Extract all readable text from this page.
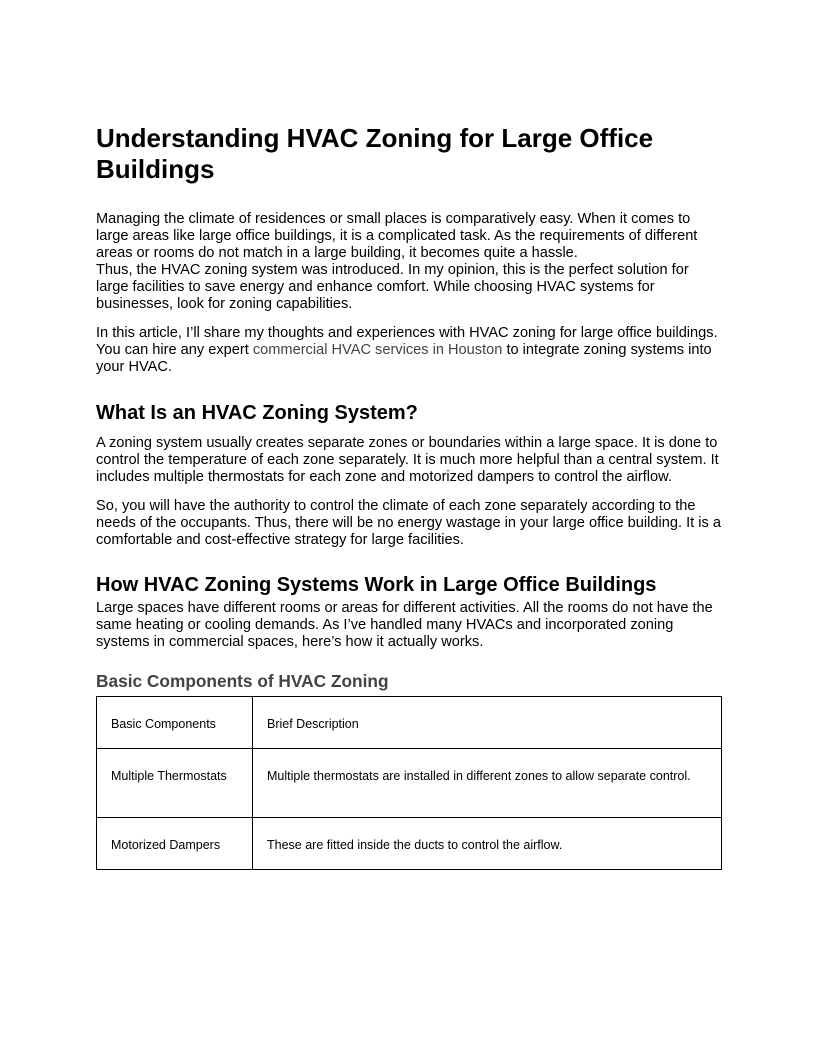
Understanding HVAC Zoning for Large Office Buildings

Managing the climate of residences or small places is comparatively easy. When it comes to large areas like large office buildings, it is a complicated task. As the requirements of different areas or rooms do not match in a large building, it becomes quite a hassle.

Thus, the HVAC zoning system was introduced. In my opinion, this is the perfect solution for large facilities to save energy and enhance comfort. While choosing HVAC systems for businesses, look for zoning capabilities.

In this article, I’ll share my thoughts and experiences with HVAC zoning for large office buildings. You can hire any expert commercial HVAC services in Houston to integrate zoning systems into your HVAC.

What Is an HVAC Zoning System?

A zoning system usually creates separate zones or boundaries within a large space. It is done to control the temperature of each zone separately. It is much more helpful than a central system. It includes multiple thermostats for each zone and motorized dampers to control the airflow.

So, you will have the authority to control the climate of each zone separately according to the needs of the occupants. Thus, there will be no energy wastage in your large office building. It is a comfortable and cost-effective strategy for large facilities.

How HVAC Zoning Systems Work in Large Office Buildings

Large spaces have different rooms or areas for different activities. All the rooms do not have the same heating or cooling demands. As I’ve handled many HVACs and incorporated zoning systems in commercial spaces, here’s how it actually works.

Basic Components of HVAC Zoning
Basic Components	Brief Description
Multiple Thermostats	Multiple thermostats are installed in different zones to allow separate control.
Motorized Dampers	These are fitted inside the ducts to control the airflow.
